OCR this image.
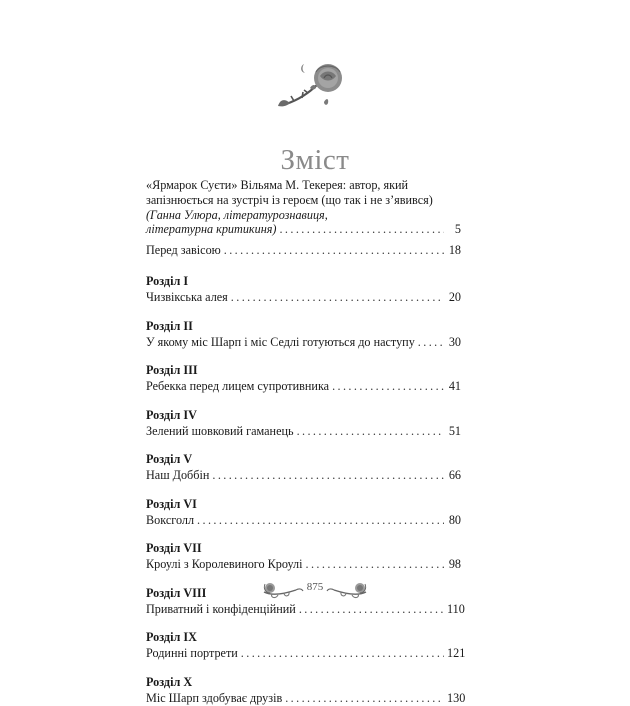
Зміст
«Ярмарок Суєти» Вільяма М. Текерея: автор, який
запізнюється на зустріч із героєм (що так і не з’явився)
(Ганна Улюра, літературознавиця,
літературна критикиня) .....	5
Перед завісою .....	18
Розділ I
Чизвікська алея .....	20
Розділ II
У якому міс Шарп і міс Седлі готуються до наступу .....	30
Розділ III
Ребекка перед лицем супротивника .....	41
Розділ IV
Зелений шовковий гаманець .....	51
Розділ V
Наш Доббін .....	66
Розділ VI
Воксголл .....	80
Розділ VII
Кроулі з Королевиного Кроулі .....	98
Розділ VIII
Приватний і конфіденційний .....	110
Розділ IX
Родинні портрети .....	121
Розділ X
Міс Шарп здобуває друзів .....	130
875
